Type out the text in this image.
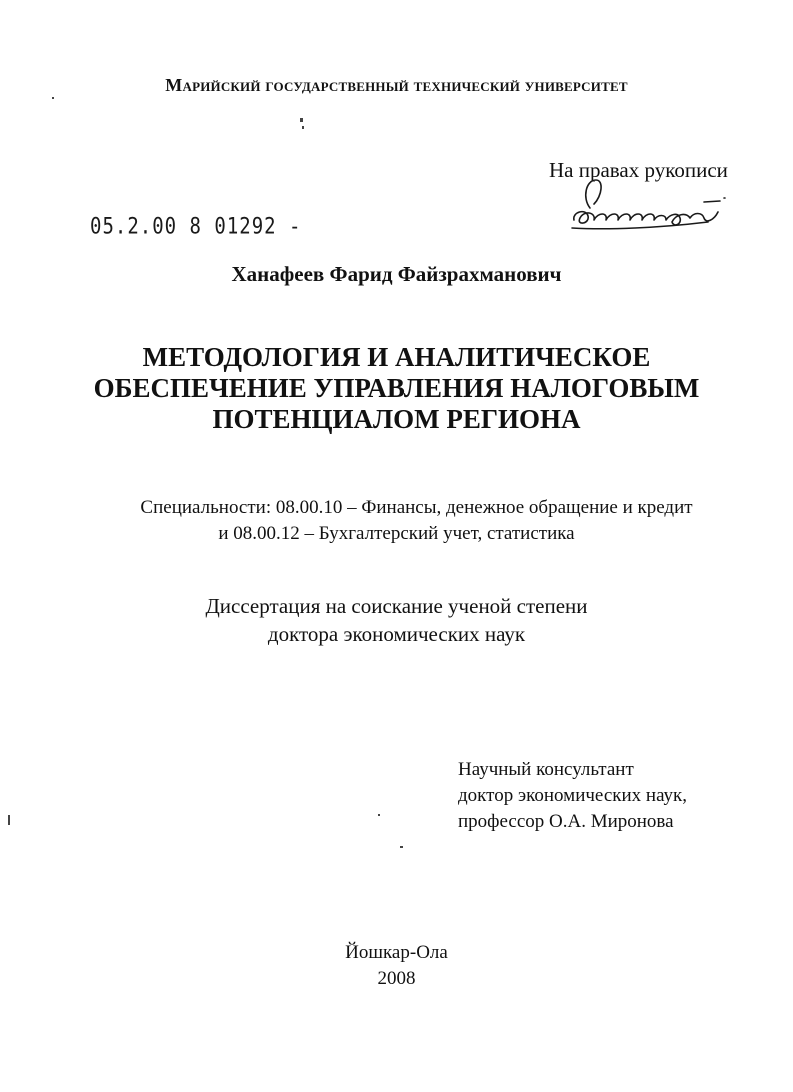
Марийский государственный технический университет
На правах рукописи
05.2.00 8 01292 -
Ханафеев Фарид Файзрахманович
МЕТОДОЛОГИЯ И АНАЛИТИЧЕСКОЕ
ОБЕСПЕЧЕНИЕ УПРАВЛЕНИЯ НАЛОГОВЫМ
ПОТЕНЦИАЛОМ РЕГИОНА
Специальности: 08.00.10 – Финансы, денежное обращение и кредит
и 08.00.12 – Бухгалтерский учет, статистика
Диссертация на соискание ученой степени
доктора экономических наук
Научный консультант
доктор экономических наук,
профессор О.А. Миронова
Йошкар-Ола
2008
